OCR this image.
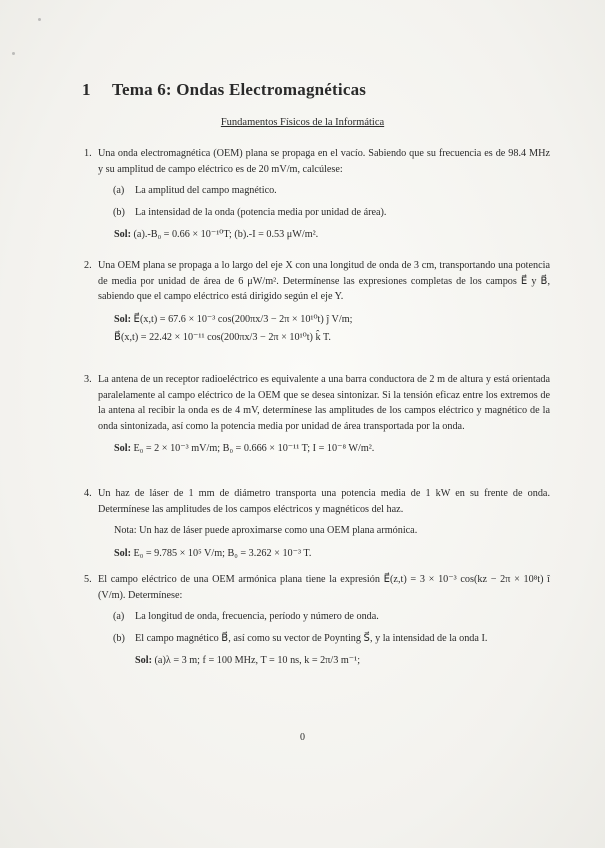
1 Tema 6: Ondas Electromagnéticas
Fundamentos Físicos de la Informática
1. Una onda electromagnética (OEM) plana se propaga en el vacío. Sabiendo que su frecuencia es de 98.4 MHz y su amplitud de campo eléctrico es de 20 mV/m, calcúlese:

(a) La amplitud del campo magnético.
(b) La intensidad de la onda (potencia media por unidad de área).
Sol: (a).-B₀ = 0.66 × 10⁻¹⁰T; (b).-I = 0.53 μW/m².
2. Una OEM plana se propaga a lo largo del eje X con una longitud de onda de 3 cm, transportando una potencia de media por unidad de área de 6 μW/m². Determínense las expresiones completas de los campos E⃗ y B⃗, sabiendo que el campo eléctrico está dirigido según el eje Y.

Sol: E⃗(x,t) = 67.6 × 10⁻³ cos(200πx/3 − 2π × 10¹⁰t) ĵ V/m;
B⃗(x,t) = 22.42 × 10⁻¹¹ cos(200πx/3 − 2π × 10¹⁰t) k̂ T.
3. La antena de un receptor radioeléctrico es equivalente a una barra conductora de 2 m de altura y está orientada paralelamente al campo eléctrico de la OEM que se desea sintonizar. Si la tensión eficaz entre los extremos de la antena al recibir la onda es de 4 mV, determínese las amplitudes de los campos eléctrico y magnético de la onda sintonizada, así como la potencia media por unidad de área transportada por la onda.

Sol: E₀ = 2 × 10⁻³ mV/m; B₀ = 0.666 × 10⁻¹¹ T; I = 10⁻⁸ W/m².
4. Un haz de láser de 1 mm de diámetro transporta una potencia media de 1 kW en su frente de onda. Determínese las amplitudes de los campos eléctricos y magnéticos del haz.

Nota: Un haz de láser puede aproximarse como una OEM plana armónica.
Sol: E₀ = 9.785 × 10⁵ V/m; B₀ = 3.262 × 10⁻³ T.
5. El campo eléctrico de una OEM armónica plana tiene la expresión E⃗(z,t) = 3 × 10⁻³ cos(kz − 2π × 10⁸t) î (V/m). Determínese:

(a) La longitud de onda, frecuencia, período y número de onda.
(b) El campo magnético B⃗, así como su vector de Poynting S⃗, y la intensidad de la onda I.
Sol: (a)λ = 3 m; f = 100 MHz, T = 10 ns, k = 2π/3 m⁻¹;
0
